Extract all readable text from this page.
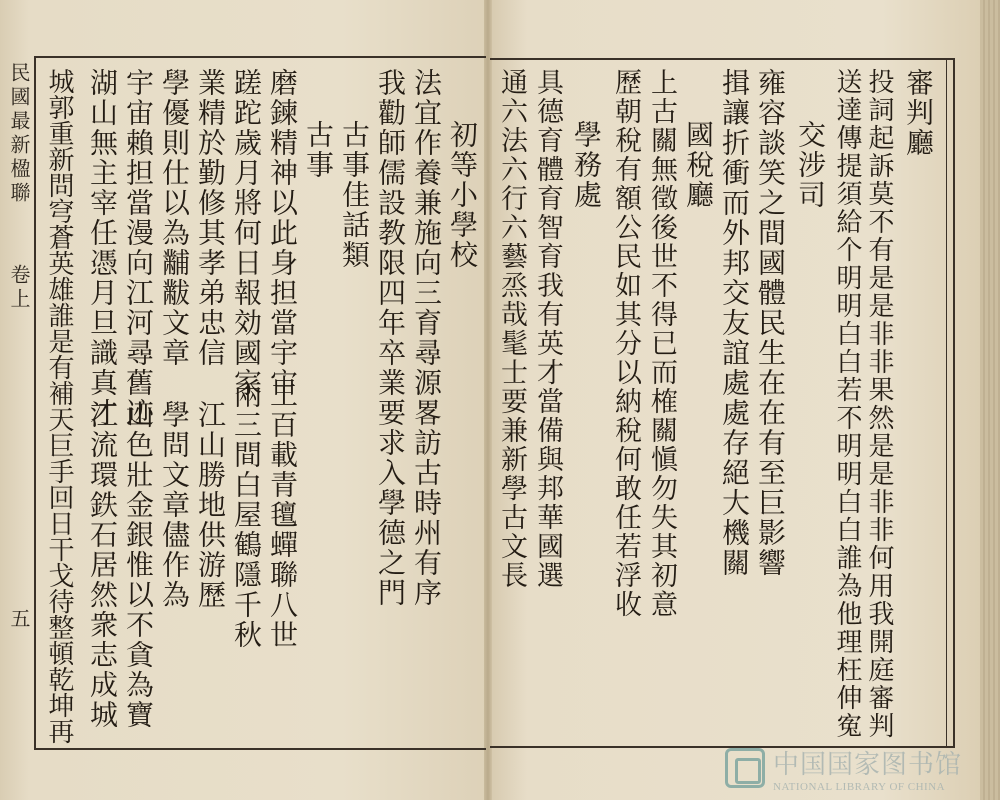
民國最新楹聯
卷上
五
審判廳
投詞起訴莫不有是是非非果然是是非非何用我開庭審判
送達傳提須給个明明白白若不明明白白誰為他理枉伸寃
交涉司
雍容談笑之間國體民生在在有至巨影響
揖讓折衝而外邦交友誼處處存絕大機關
國稅廳
上古關無徵後世不得已而榷關愼勿失其初意
歷朝稅有額公民如其分以納稅何敢任若浮收
學務處
具德育體育智育我有英才當備與邦華國選
通六法六行六藝烝哉髦士要兼新學古文長
初等小學校
法宜作養兼施向三育尋源畧訪古時州有序
我勸師儒設教限四年卒業要求入學德之門
古事佳話類
古事
磨鍊精神以此身担當宇宙
蹉跎歲月將何日報効國家
業精於勤修其孝弟忠信
學優則仕以為黼黻文章
宇宙賴担當漫向江河尋舊迹
湖山無主宰任憑月旦識真才
城郭重新問穹蒼英雄誰是有補天巨手回日干戈待整頓乾坤再	工百載青氊蟬聯八世
兩三間白屋鶴隱千秋
江山勝地供游歷
學問文章儘作為
山色壯金銀惟以不貪為寶
江流環鉄石居然衆志成城
中国国家图书馆
NATIONAL LIBRARY OF CHINA
